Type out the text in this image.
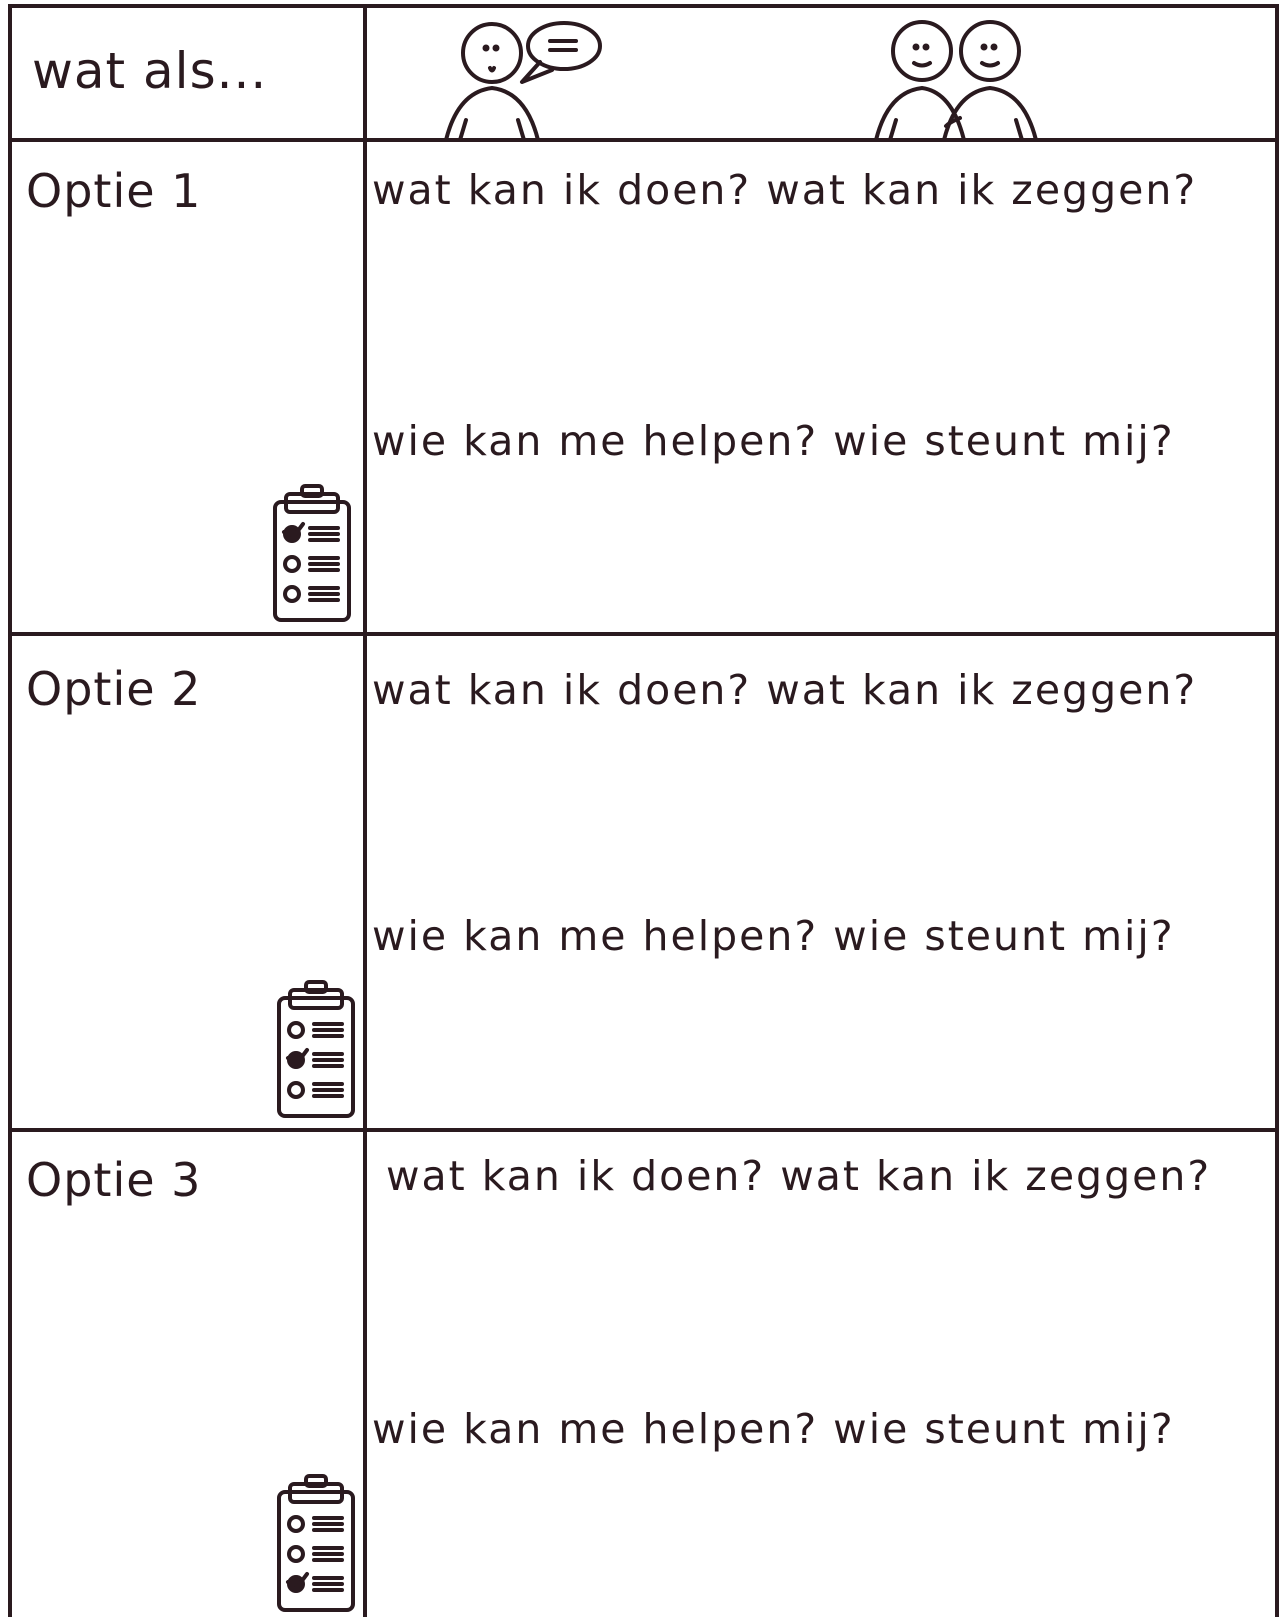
wat als...
Optie 1	wat kan ik doen? wat kan ik zeggen?
wie kan me helpen? wie steunt mij?
Optie 2	wat kan ik doen? wat kan ik zeggen?
wie kan me helpen? wie steunt mij?
Optie 3	wat kan ik doen? wat kan ik zeggen?
wie kan me helpen? wie steunt mij?
